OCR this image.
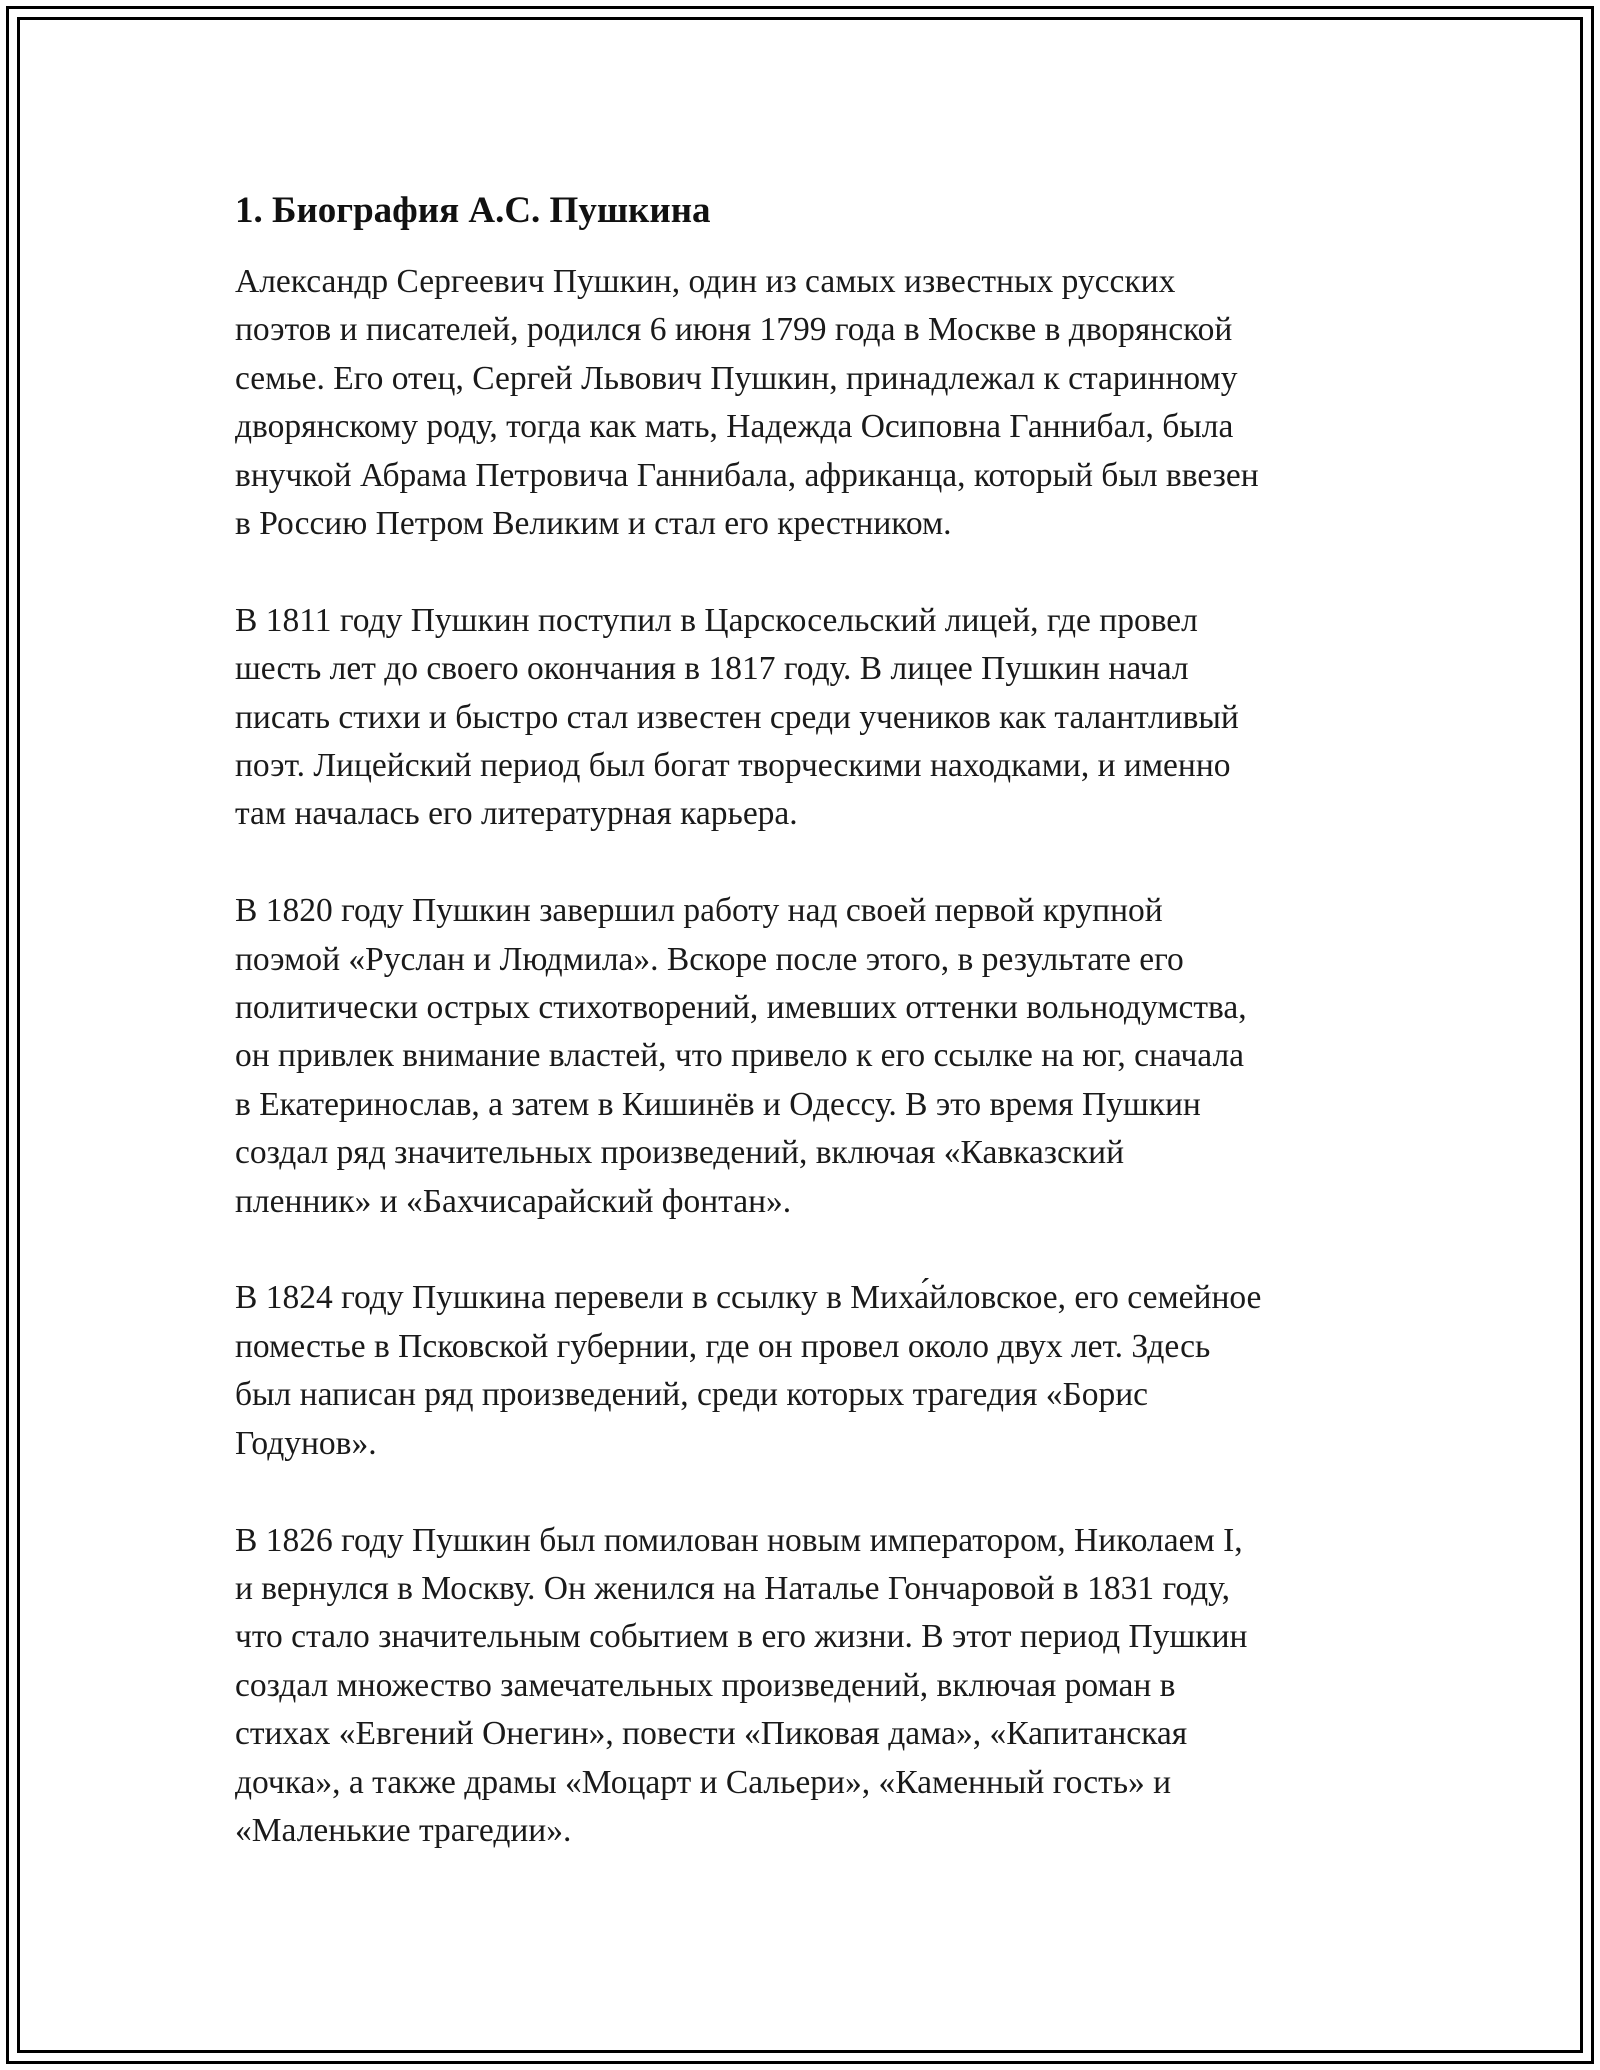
1. Биография А.С. Пушкина
Александр Сергеевич Пушкин, один из самых известных русских
поэтов и писателей, родился 6 июня 1799 года в Москве в дворянской
семье. Его отец, Сергей Львович Пушкин, принадлежал к старинному
дворянскому роду, тогда как мать, Надежда Осиповна Ганнибал, была
внучкой Абрама Петровича Ганнибала, африканца, который был ввезен
в Россию Петром Великим и стал его крестником.
В 1811 году Пушкин поступил в Царскосельский лицей, где провел
шесть лет до своего окончания в 1817 году. В лицее Пушкин начал
писать стихи и быстро стал известен среди учеников как талантливый
поэт. Лицейский период был богат творческими находками, и именно
там началась его литературная карьера.
В 1820 году Пушкин завершил работу над своей первой крупной
поэмой «Руслан и Людмила». Вскоре после этого, в результате его
политически острых стихотворений, имевших оттенки вольнодумства,
он привлек внимание властей, что привело к его ссылке на юг, сначала
в Екатеринослав, а затем в Кишинёв и Одессу. В это время Пушкин
создал ряд значительных произведений, включая «Кавказский
пленник» и «Бахчисарайский фонтан».
В 1824 году Пушкина перевели в ссылку в Миха́йловское, его семейное
поместье в Псковской губернии, где он провел около двух лет. Здесь
был написан ряд произведений, среди которых трагедия «Борис
Годунов».
В 1826 году Пушкин был помилован новым императором, Николаем I,
и вернулся в Москву. Он женился на Наталье Гончаровой в 1831 году,
что стало значительным событием в его жизни. В этот период Пушкин
создал множество замечательных произведений, включая роман в
стихах «Евгений Онегин», повести «Пиковая дама», «Капитанская
дочка», а также драмы «Моцарт и Сальери», «Каменный гость» и
«Маленькие трагедии».
